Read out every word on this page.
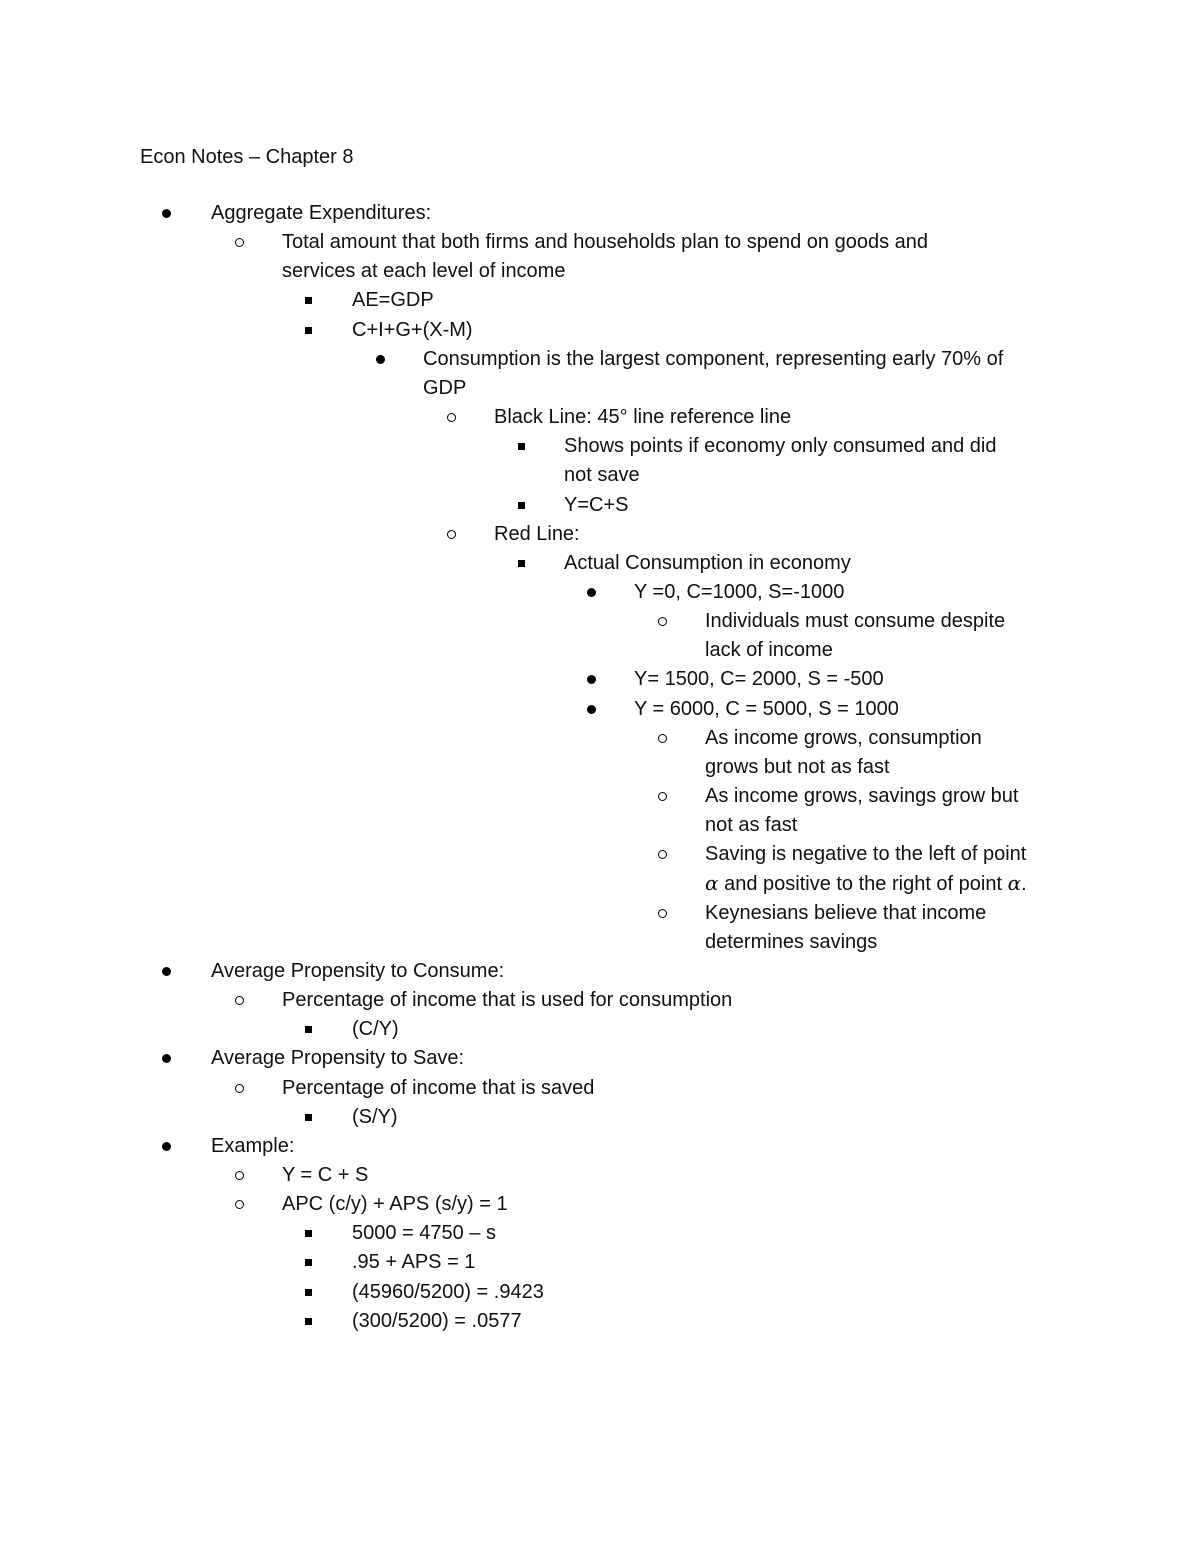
Econ Notes – Chapter 8
Aggregate Expenditures:
Total amount that both firms and households plan to spend on goods and
services at each level of income
AE=GDP
C+I+G+(X-M)
Consumption is the largest component, representing early 70% of
GDP
Black Line: 45° line reference line
Shows points if economy only consumed and did
not save
Y=C+S
Red Line:
Actual Consumption in economy
Y =0, C=1000, S=-1000
Individuals must consume despite
lack of income
Y= 1500, C= 2000, S = -500
Y = 6000, C = 5000, S = 1000
As income grows, consumption
grows but not as fast
As income grows, savings grow but
not as fast
Saving is negative to the left of point
α and positive to the right of point α.
Keynesians believe that income
determines savings
Average Propensity to Consume:
Percentage of income that is used for consumption
(C/Y)
Average Propensity to Save:
Percentage of income that is saved
(S/Y)
Example:
Y = C + S
APC (c/y) + APS (s/y) = 1
5000 = 4750 – s
.95 + APS = 1
(45960/5200) = .9423
(300/5200) = .0577
